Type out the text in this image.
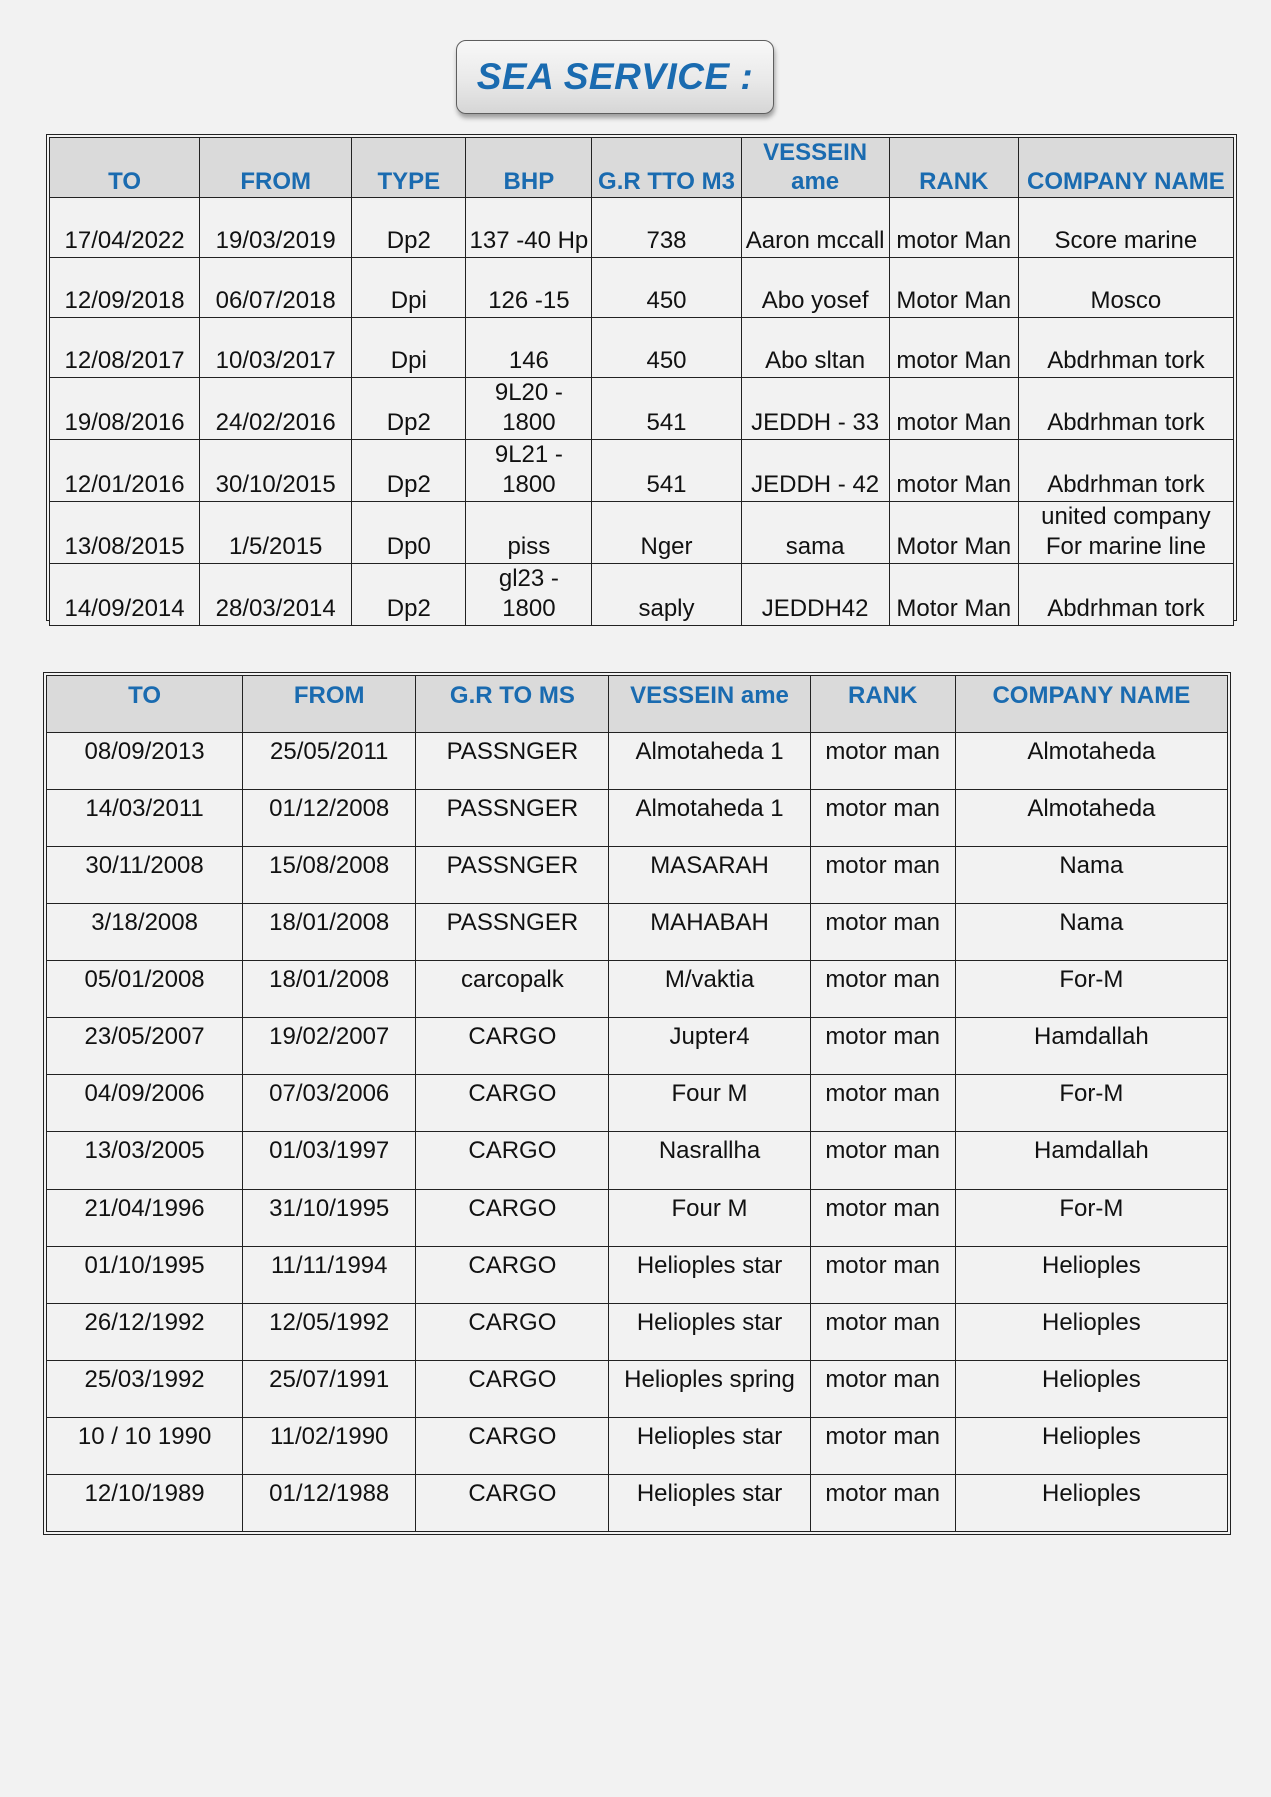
SEA SERVICE :
TO	FROM	TYPE	BHP	G.R TTO M3	VESSEIN ame	RANK	COMPANY NAME
17/04/2022	19/03/2019	Dp2	137 -40 Hp	738	Aaron mccall	motor Man	Score marine
12/09/2018	06/07/2018	Dpi	126 -15	450	Abo yosef	Motor Man	Mosco
12/08/2017	10/03/2017	Dpi	146	450	Abo sltan	motor Man	Abdrhman tork
19/08/2016	24/02/2016	Dp2	9L20 - 1800	541	JEDDH - 33	motor Man	Abdrhman tork
12/01/2016	30/10/2015	Dp2	9L21 - 1800	541	JEDDH - 42	motor Man	Abdrhman tork
13/08/2015	1/5/2015	Dp0	piss	Nger	sama	Motor Man	united company For marine line
14/09/2014	28/03/2014	Dp2	gl23 - 1800	saply	JEDDH42	Motor Man	Abdrhman tork
TO	FROM	G.R TO MS	VESSEIN ame	RANK	COMPANY NAME
08/09/2013	25/05/2011	PASSNGER	Almotaheda 1	motor man	Almotaheda
14/03/2011	01/12/2008	PASSNGER	Almotaheda 1	motor man	Almotaheda
30/11/2008	15/08/2008	PASSNGER	MASARAH	motor man	Nama
3/18/2008	18/01/2008	PASSNGER	MAHABAH	motor man	Nama
05/01/2008	18/01/2008	carcopalk	M/vaktia	motor man	For-M
23/05/2007	19/02/2007	CARGO	Jupter4	motor man	Hamdallah
04/09/2006	07/03/2006	CARGO	Four M	motor man	For-M
13/03/2005	01/03/1997	CARGO	Nasrallha	motor man	Hamdallah
21/04/1996	31/10/1995	CARGO	Four M	motor man	For-M
01/10/1995	11/11/1994	CARGO	Helioples star	motor man	Helioples
26/12/1992	12/05/1992	CARGO	Helioples star	motor man	Helioples
25/03/1992	25/07/1991	CARGO	Helioples spring	motor man	Helioples
10 / 10 1990	11/02/1990	CARGO	Helioples star	motor man	Helioples
12/10/1989	01/12/1988	CARGO	Helioples star	motor man	Helioples
